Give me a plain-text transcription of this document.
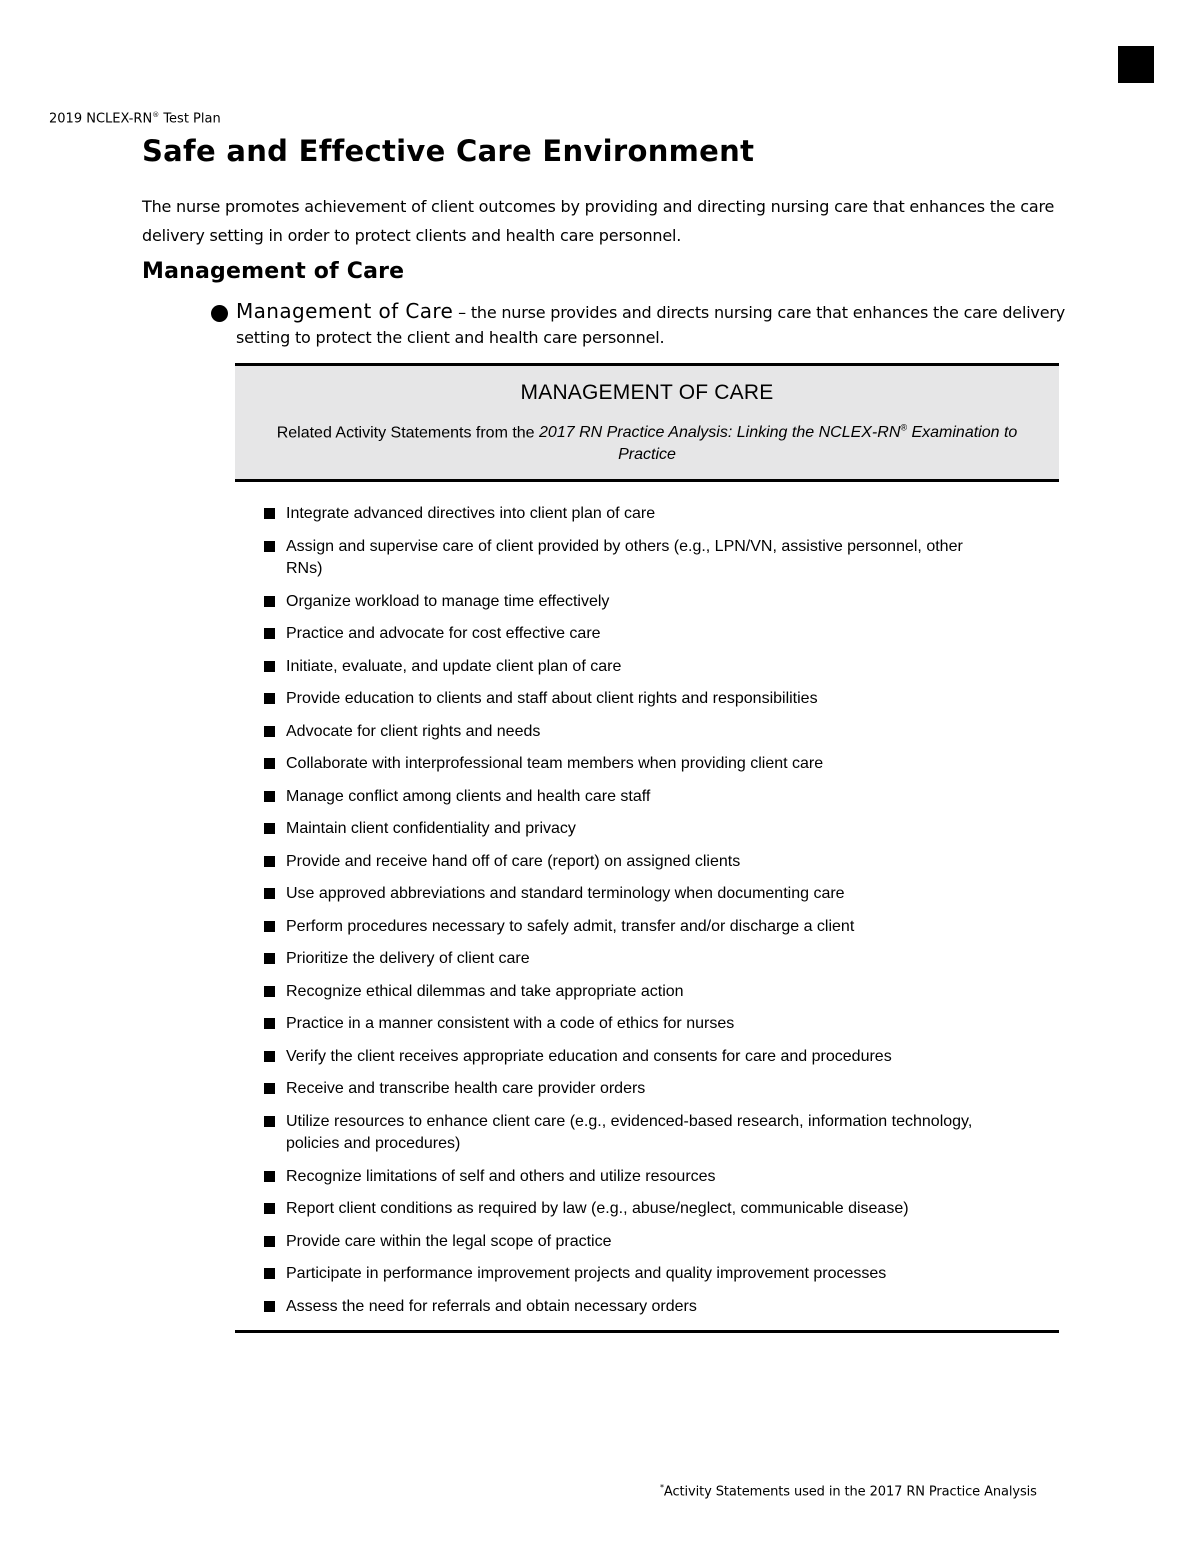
2019 NCLEX-RN® Test Plan
Safe and Effective Care Environment

The nurse promotes achievement of client outcomes by providing and directing nursing care that enhances the care delivery setting in order to protect clients and health care personnel.

Management of Care

Management of Care – the nurse provides and directs nursing care that enhances the care delivery setting to protect the client and health care personnel.

MANAGEMENT OF CARE
Related Activity Statements from the 2017 RN Practice Analysis: Linking the NCLEX-RN® Examination to Practice
Integrate advanced directives into client plan of care
Assign and supervise care of client provided by others (e.g., LPN/VN, assistive personnel, other RNs)
Organize workload to manage time effectively
Practice and advocate for cost effective care
Initiate, evaluate, and update client plan of care
Provide education to clients and staff about client rights and responsibilities
Advocate for client rights and needs
Collaborate with interprofessional team members when providing client care
Manage conflict among clients and health care staff
Maintain client confidentiality and privacy
Provide and receive hand off of care (report) on assigned clients
Use approved abbreviations and standard terminology when documenting care
Perform procedures necessary to safely admit, transfer and/or discharge a client
Prioritize the delivery of client care
Recognize ethical dilemmas and take appropriate action
Practice in a manner consistent with a code of ethics for nurses
Verify the client receives appropriate education and consents for care and procedures
Receive and transcribe health care provider orders
Utilize resources to enhance client care (e.g., evidenced-based research, information technology, policies and procedures)
Recognize limitations of self and others and utilize resources
Report client conditions as required by law (e.g., abuse/neglect, communicable disease)
Provide care within the legal scope of practice
Participate in performance improvement projects and quality improvement processes
Assess the need for referrals and obtain necessary orders
*Activity Statements used in the 2017 RN Practice Analysis
